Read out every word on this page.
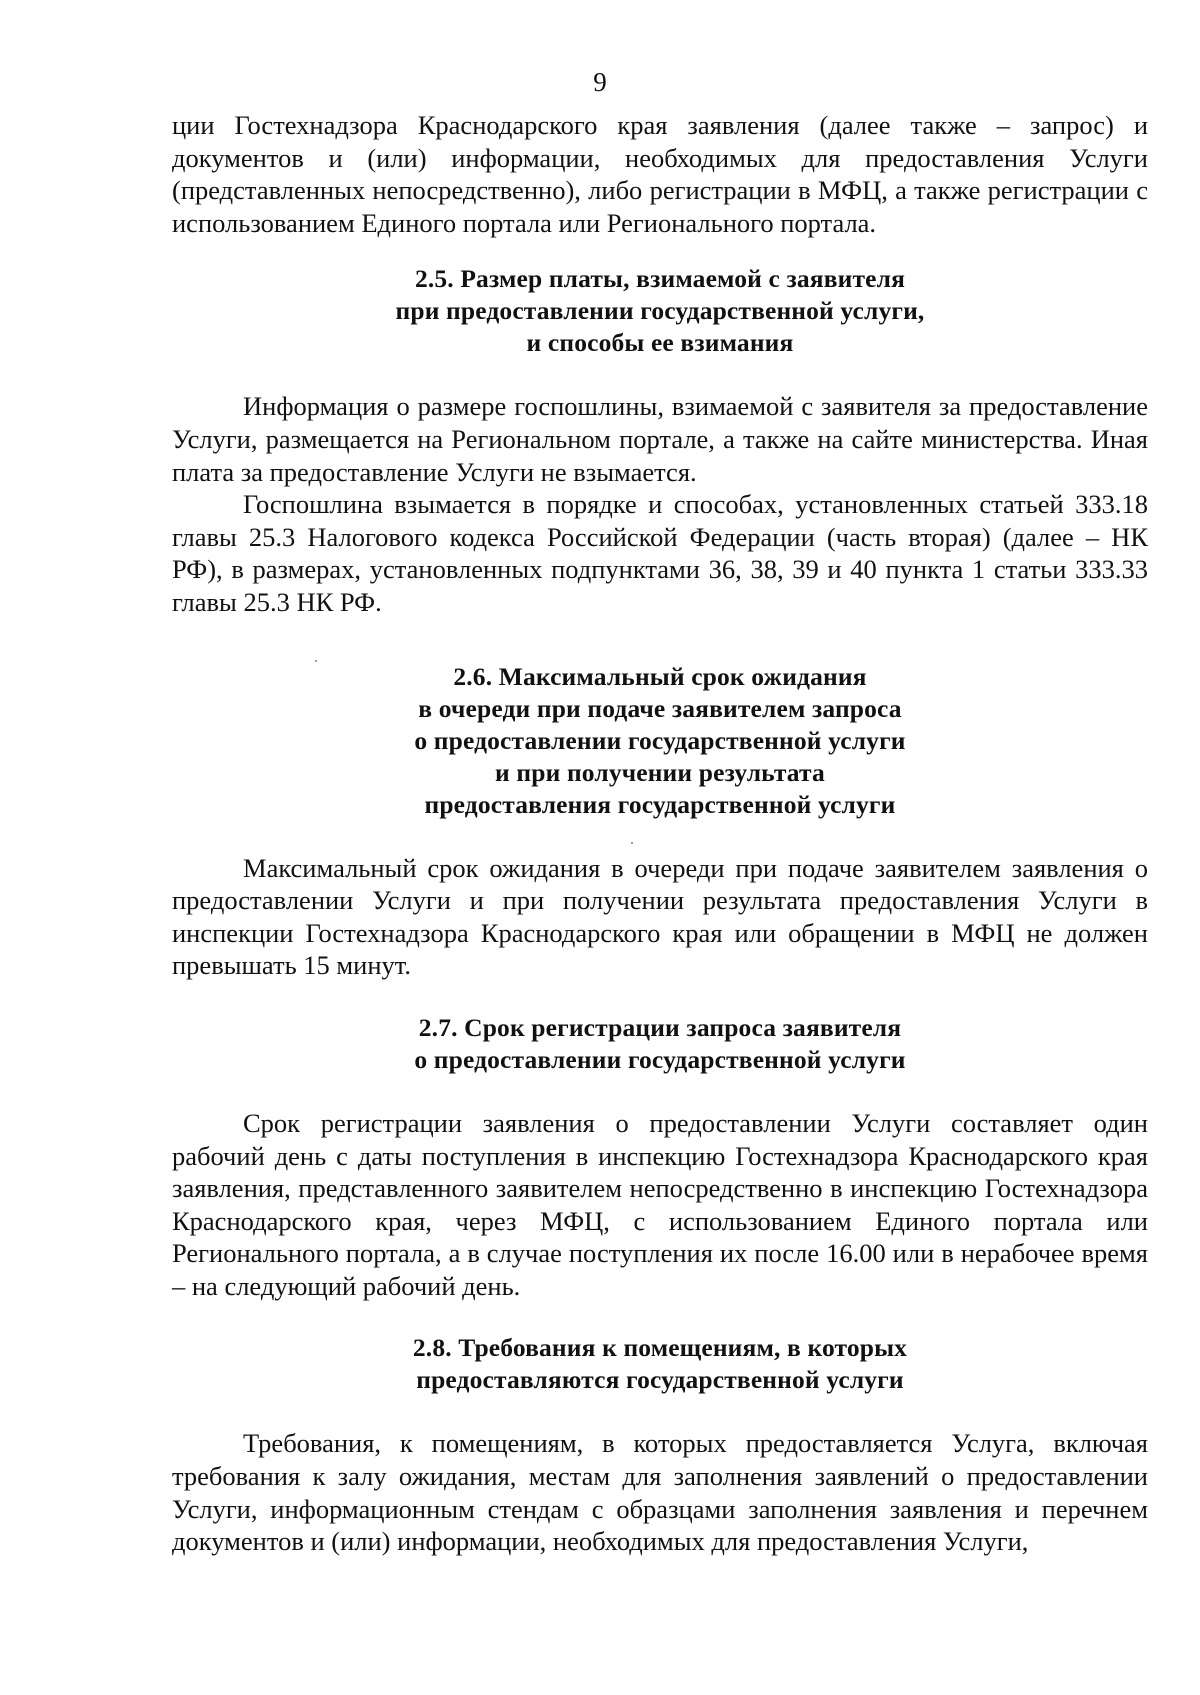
9

ции Гостехнадзора Краснодарского края заявления (далее также – запрос) и документов и (или) информации, необходимых для предоставления Услуги (представленных непосредственно), либо регистрации в МФЦ, а также регистрации с использованием Единого портала или Регионального портала.

2.5. Размер платы, взимаемой с заявителя
при предоставлении государственной услуги,
и способы ее взимания

Информация о размере госпошлины, взимаемой с заявителя за предоставление Услуги, размещается на Региональном портале, а также на сайте министерства. Иная плата за предоставление Услуги не взымается.

Госпошлина взымается в порядке и способах, установленных статьей 333.18 главы 25.3 Налогового кодекса Российской Федерации (часть вторая) (далее – НК РФ), в размерах, установленных подпунктами 36, 38, 39 и 40 пункта 1 статьи 333.33 главы 25.3 НК РФ.

2.6. Максимальный срок ожидания
в очереди при подаче заявителем запроса
о предоставлении государственной услуги
и при получении результата
предоставления государственной услуги

Максимальный срок ожидания в очереди при подаче заявителем заявления о предоставлении Услуги и при получении результата предоставления Услуги в инспекции Гостехнадзора Краснодарского края или обращении в МФЦ не должен превышать 15 минут.

2.7. Срок регистрации запроса заявителя
о предоставлении государственной услуги

Срок регистрации заявления о предоставлении Услуги составляет один рабочий день с даты поступления в инспекцию Гостехнадзора Краснодарского края заявления, представленного заявителем непосредственно в инспекцию Гостехнадзора Краснодарского края, через МФЦ, с использованием Единого портала или Регионального портала, а в случае поступления их после 16.00 или в нерабочее время – на следующий рабочий день.

2.8. Требования к помещениям, в которых
предоставляются государственной услуги

Требования, к помещениям, в которых предоставляется Услуга, включая требования к залу ожидания, местам для заполнения заявлений о предоставлении Услуги, информационным стендам с образцами заполнения заявления и перечнем документов и (или) информации, необходимых для предоставления Услуги,
